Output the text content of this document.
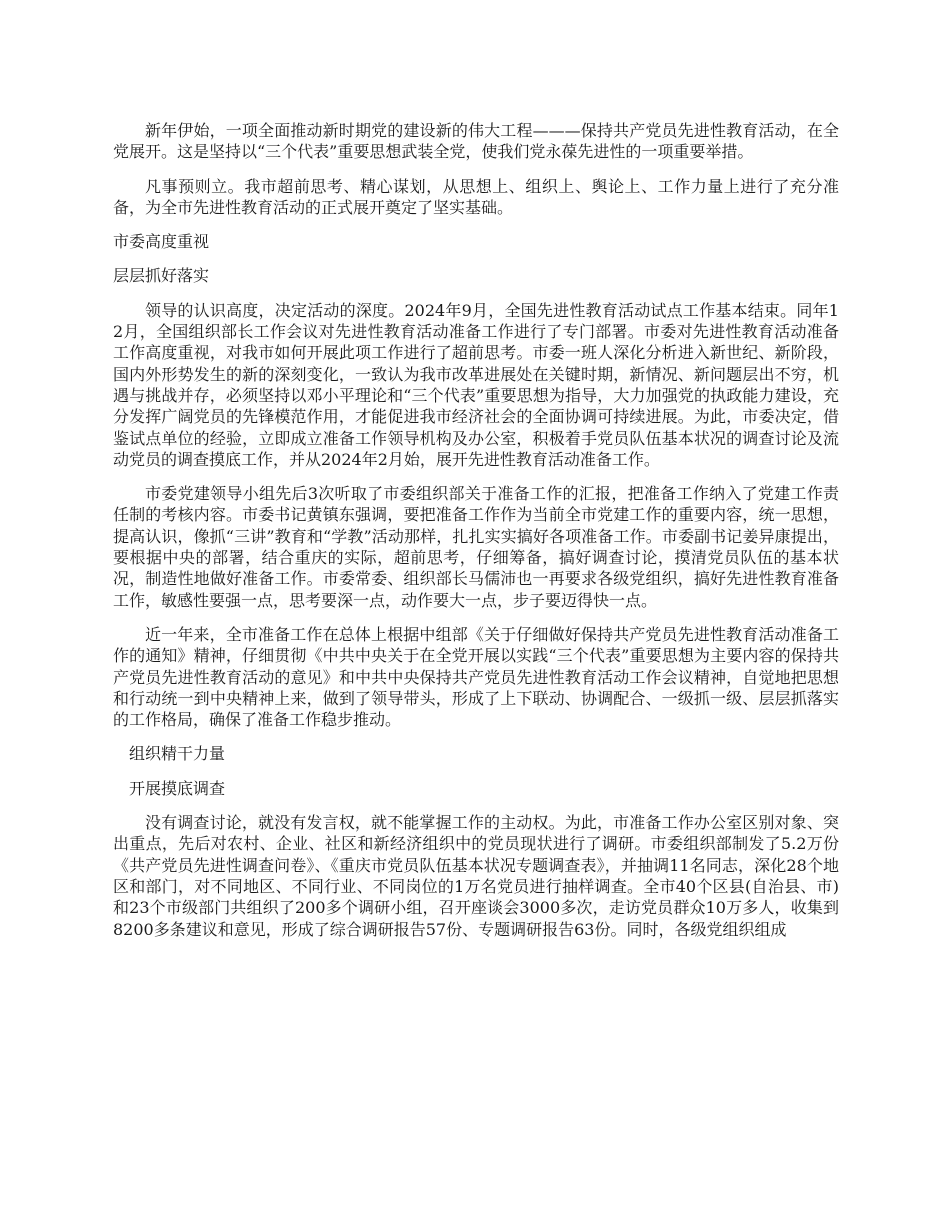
新年伊始，一项全面推动新时期党的建设新的伟大工程———保持共产党员先进性教育活动，在全党展开。这是坚持以“三个代表”重要思想武装全党，使我们党永葆先进性的一项重要举措。

凡事预则立。我市超前思考、精心谋划，从思想上、组织上、舆论上、工作力量上进行了充分准备，为全市先进性教育活动的正式展开奠定了坚实基础。

市委高度重视

层层抓好落实

领导的认识高度，决定活动的深度。2024年9月，全国先进性教育活动试点工作基本结束。同年12月，全国组织部长工作会议对先进性教育活动准备工作进行了专门部署。市委对先进性教育活动准备工作高度重视，对我市如何开展此项工作进行了超前思考。市委一班人深化分析进入新世纪、新阶段，国内外形势发生的新的深刻变化，一致认为我市改革进展处在关键时期，新情况、新问题层出不穷，机遇与挑战并存，必须坚持以邓小平理论和“三个代表”重要思想为指导，大力加强党的执政能力建设，充分发挥广阔党员的先锋模范作用，才能促进我市经济社会的全面协调可持续进展。为此，市委决定，借鉴试点单位的经验，立即成立准备工作领导机构及办公室，积极着手党员队伍基本状况的调查讨论及流动党员的调查摸底工作，并从2024年2月始，展开先进性教育活动准备工作。

市委党建领导小组先后3次听取了市委组织部关于准备工作的汇报，把准备工作纳入了党建工作责任制的考核内容。市委书记黄镇东强调，要把准备工作作为当前全市党建工作的重要内容，统一思想，提高认识，像抓“三讲”教育和“学教”活动那样，扎扎实实搞好各项准备工作。市委副书记姜异康提出，要根据中央的部署，结合重庆的实际，超前思考，仔细筹备，搞好调查讨论，摸清党员队伍的基本状况，制造性地做好准备工作。市委常委、组织部长马儒沛也一再要求各级党组织，搞好先进性教育准备工作，敏感性要强一点，思考要深一点，动作要大一点，步子要迈得快一点。

近一年来，全市准备工作在总体上根据中组部《关于仔细做好保持共产党员先进性教育活动准备工作的通知》精神，仔细贯彻《中共中央关于在全党开展以实践“三个代表”重要思想为主要内容的保持共产党员先进性教育活动的意见》和中共中央保持共产党员先进性教育活动工作会议精神，自觉地把思想和行动统一到中央精神上来，做到了领导带头，形成了上下联动、协调配合、一级抓一级、层层抓落实的工作格局，确保了准备工作稳步推动。

组织精干力量

开展摸底调查

没有调查讨论，就没有发言权，就不能掌握工作的主动权。为此，市准备工作办公室区别对象、突出重点，先后对农村、企业、社区和新经济组织中的党员现状进行了调研。市委组织部制发了5.2万份《共产党员先进性调查问卷》、《重庆市党员队伍基本状况专题调查表》，并抽调11名同志，深化28个地区和部门，对不同地区、不同行业、不同岗位的1万名党员进行抽样调查。全市40个区县(自治县、市)和23个市级部门共组织了200多个调研小组，召开座谈会3000多次，走访党员群众10万多人，收集到8200多条建议和意见，形成了综合调研报告57份、专题调研报告63份。同时，各级党组织组成
